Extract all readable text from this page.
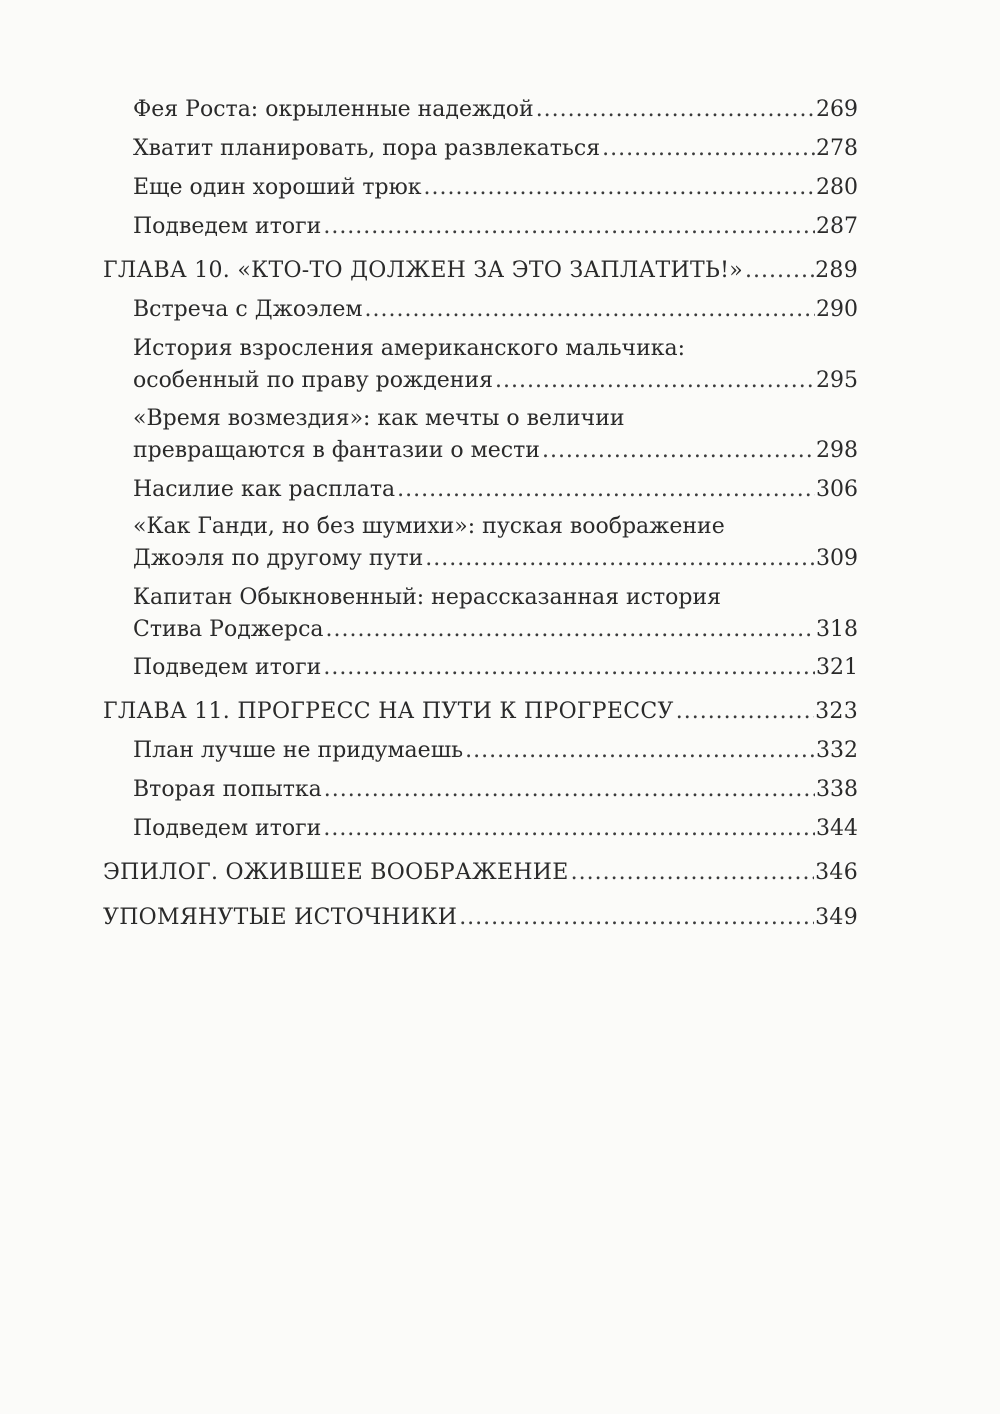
Фея Роста: окрыленные надеждой .....	269
Хватит планировать, пора развлекаться .....	278
Еще один хороший трюк .....	280
Подведем итоги .....	287
ГЛАВА 10. «КТО-ТО ДОЛЖЕН ЗА ЭТО ЗАПЛАТИТЬ!» .....	289
Встреча с Джоэлем .....	290
История взросления американского мальчика:
особенный по праву рождения .....	295
«Время возмездия»: как мечты о величии
превращаются в фантазии о мести .....	298
Насилие как расплата .....	306
«Как Ганди, но без шумихи»: пуская воображение
Джоэля по другому пути .....	309
Капитан Обыкновенный: нерассказанная история
Стива Роджерса .....	318
Подведем итоги .....	321
ГЛАВА 11. ПРОГРЕСС НА ПУТИ К ПРОГРЕССУ .....	323
План лучше не придумаешь .....	332
Вторая попытка .....	338
Подведем итоги .....	344
ЭПИЛОГ. ОЖИВШЕЕ ВООБРАЖЕНИЕ .....	346
УПОМЯНУТЫЕ ИСТОЧНИКИ .....	349
